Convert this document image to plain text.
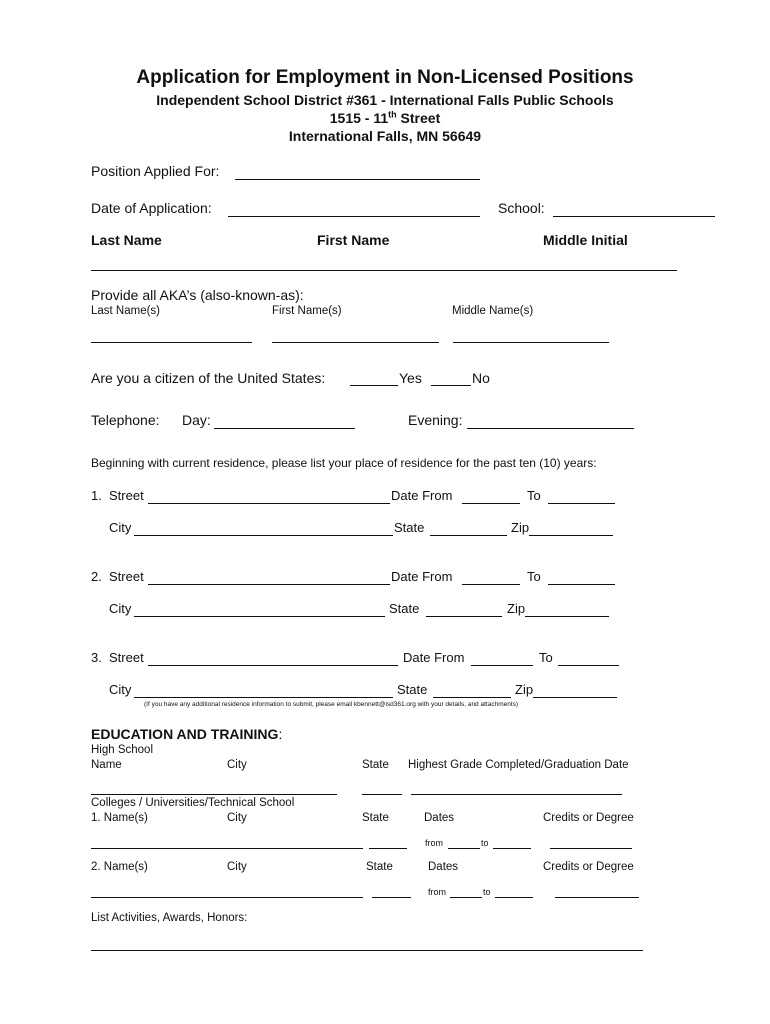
Application for Employment in Non-Licensed Positions
Independent School District #361 - International Falls Public Schools
1515 - 11th Street
International Falls, MN 56649
Position Applied For:
Date of Application:	School:
Last Name	First Name	Middle Initial
Provide all AKA’s (also-known-as):
Last Name(s)	First Name(s)	Middle Name(s)
Are you a citizen of the United States:	Yes	No
Telephone: Day:	Evening:
Beginning with current residence, please list your place of residence for the past ten (10) years:
1. Street	Date From	To
City	State	Zip
2. Street	Date From	To
City	State	Zip
3. Street	Date From	To
City	State	Zip
(If you have any additional residence information to submit, please email kbennett@isd361.org with your details, and attachments)
EDUCATION AND TRAINING:
High School
Name	City	State Highest Grade Completed/Graduation Date
Colleges / Universities/Technical School
1. Name(s)	City	State	Dates	Credits or Degree
from	to
2. Name(s)	City	State	Dates	Credits or Degree
from	to
List Activities, Awards, Honors:
